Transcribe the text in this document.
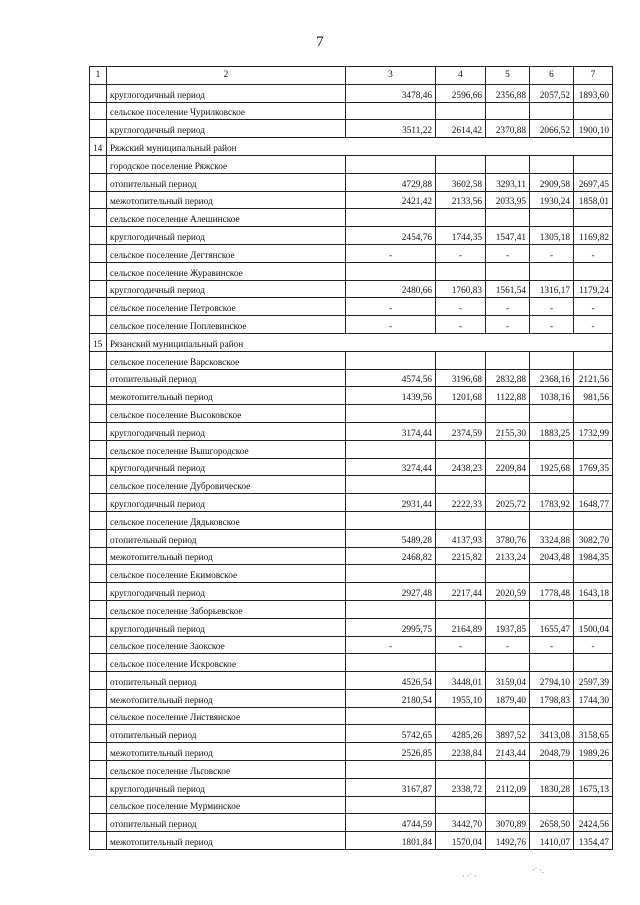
7
1	2	3	4	5	6	7
	круглогодичный период	3478,46	2596,66	2356,88	2057,52	1893,60
	сельское поселение Чурилковское					
	круглогодичный период	3511,22	2614,42	2370,88	2066,52	1900,10
14	Ряжский муниципальный район					
	городское поселение Ряжское					
	отопительный период	4729,88	3602,58	3293,11	2909,58	2697,45
	межотопительный период	2421,42	2133,56	2033,95	1930,24	1858,01
	сельское поселение Алешинское					
	круглогодичный период	2454,76	1744,35	1547,41	1305,18	1169,82
	сельское поселение Дегтянское	-	-	-	-	-
	сельское поселение Журавинское					
	круглогодичный период	2480,66	1760,83	1561,54	1316,17	1179,24
	сельское поселение Петровское	-	-	-	-	-
	сельское поселение Поплевинское	-	-	-	-	-
15	Рязанский муниципальный район					
	сельское поселение Варсковское					
	отопительный период	4574,56	3196,68	2832,88	2368,16	2121,56
	межотопительный период	1439,56	1201,68	1122,88	1038,16	981,56
	сельское поселение Высоковское					
	круглогодичный период	3174,44	2374,59	2155,30	1883,25	1732,99
	сельское поселение Вышгородское					
	круглогодичный период	3274,44	2438,23	2209,84	1925,68	1769,35
	сельское поселение Дубровическое					
	круглогодичный период	2931,44	2222,33	2025,72	1783,92	1648,77
	сельское поселение Дядьковское					
	отопительный период	5489,28	4137,93	3780,76	3324,88	3082,70
	межотопительный период	2468,82	2215,82	2133,24	2043,48	1984,35
	сельское поселение Екимовское					
	круглогодичный период	2927,48	2217,44	2020,59	1778,48	1643,18
	сельское поселение Заборьевское					
	круглогодичный период	2995,75	2164,89	1937,85	1655,47	1500,04
	сельское поселение Заокское	-	-	-	-	-
	сельское поселение Искровское					
	отопительный период	4526,54	3448,01	3159,04	2794,10	2597,39
	межотопительный период	2180,54	1955,10	1879,40	1798,83	1744,30
	сельское поселение Листвянское					
	отопительный период	5742,65	4285,26	3897,52	3413,08	3158,65
	межотопительный период	2526,85	2238,84	2143,44	2048,79	1989,26
	сельское поселение Льговское					
	круглогодичный период	3167,87	2338,72	2112,09	1830,28	1675,13
	сельское поселение Мурминское					
	отопительный период	4744,59	3442,70	3070,89	2658,50	2424,56
	межотопительный период	1801,84	1570,04	1492,76	1410,07	1354,47
· ·˙ ·
·˙ ·.
